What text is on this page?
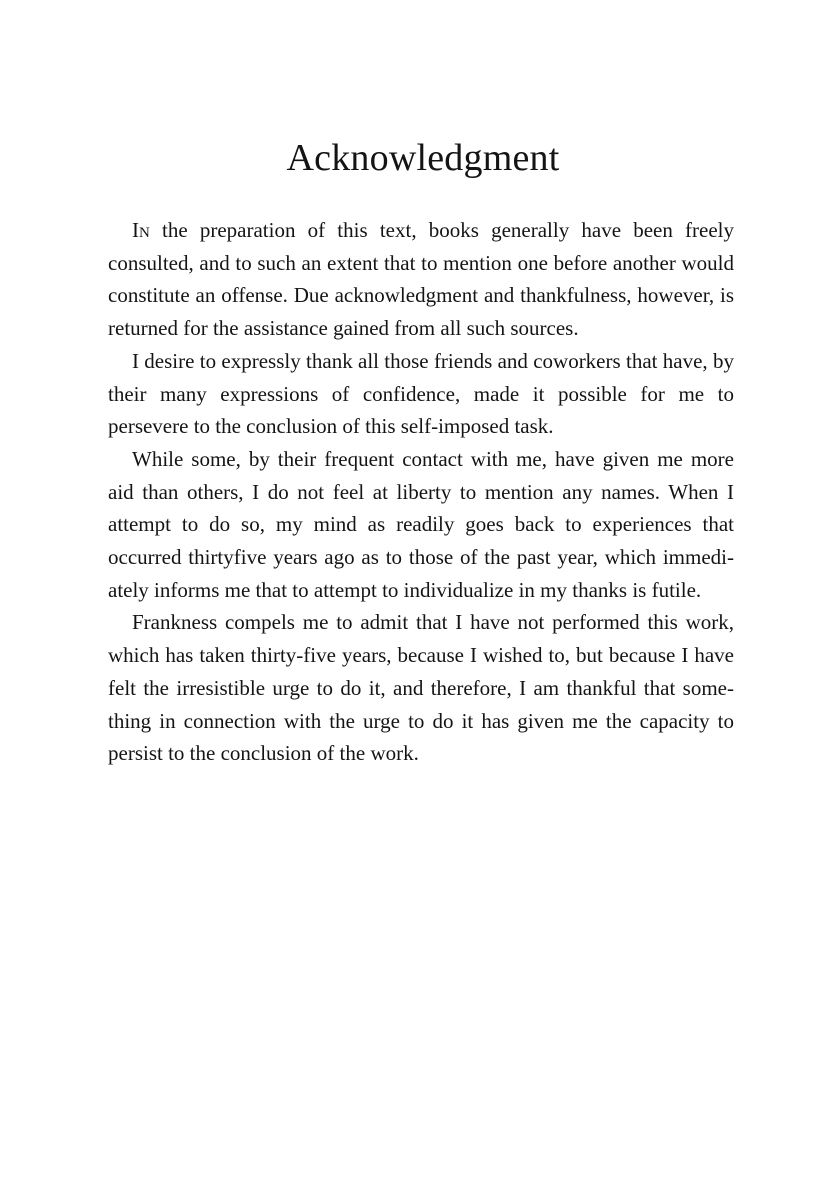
Acknowledgment

In the preparation of this text, books generally have been freely consulted, and to such an extent that to mention one before another would constitute an offense. Due acknowledgment and thankfulness, however, is returned for the assistance gained from all such sources.

I desire to expressly thank all those friends and coworkers that have, by their many expressions of confidence, made it possible for me to persevere to the conclusion of this self-imposed task.

While some, by their frequent contact with me, have given me more aid than others, I do not feel at liberty to mention any names. When I attempt to do so, my mind as readily goes back to experiences that occurred thirtyfive years ago as to those of the past year, which immediately informs me that to attempt to individualize in my thanks is futile.

Frankness compels me to admit that I have not performed this work, which has taken thirty-five years, because I wished to, but because I have felt the irresistible urge to do it, and therefore, I am thankful that something in connection with the urge to do it has given me the capacity to persist to the conclusion of the work.
